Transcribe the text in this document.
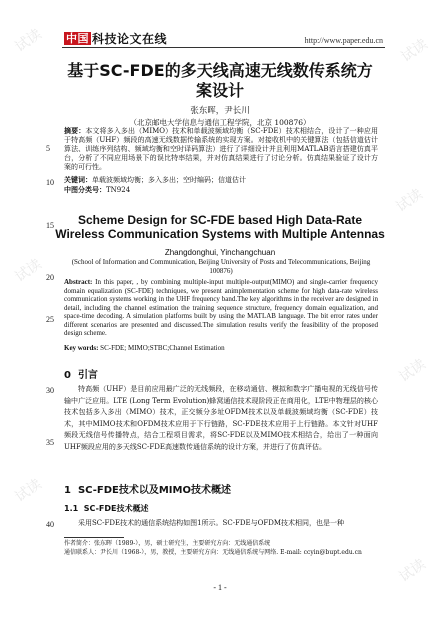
试读	试读
试读
试读
试读
试读
试读
中国 科技论文在线	http://www.paper.edu.cn
基于SC-FDE的多天线高速无线数传系统方案设计
张东晖，尹长川
（北京邮电大学信息与通信工程学院，北京 100876）
摘要：本文将多入多出（MIMO）技术和单载波频域均衡（SC-FDE）技术相结合，设计了一种应用于特高频（UHF）频段的高速无线数据传输系统的实现方案。对接收机中的关键算法（包括信道估计算法、训练序列结构、频域均衡和空时译码算法）进行了详细设计并且利用MATLAB语言搭建仿真平台，分析了不同应用场景下的误比特率结果，并对仿真结果进行了讨论分析。仿真结果验证了设计方案的可行性。
关键词：单载波频域均衡；多入多出；空时编码；信道估计
中图分类号：TN924
5
10
15
20
25
30
35
40
Scheme Design for SC-FDE based High Data-Rate Wireless Communication Systems with Multiple Antennas
Zhangdonghui, Yinchangchuan
(School of Information and Communication, Beijing University of Posts and Telecommunications, Beijing 100876)
Abstract: In this paper, , by combining multiple-input multiple-output(MIMO) and single-carrier frequency domain equalization (SC-FDE) techniques, we present animplementation scheme for high data-rate wireless communication systems working in the UHF frequency band.The key algorithms in the receiver are designed in detail, including the channel estimation the training sequence structure, frequency domain equalization, and space-time decoding. A simulation platforms built by using the MATLAB language. The bit error rates under different scenarios are presented and discussed.The simulation results verify the feasibility of the proposed design scheme.
Key words: SC-FDE; MIMO;STBC;Channel Estimation
0 引言
特高频（UHF）是目前应用最广泛的无线频段，在移动通信、模拟和数字广播电视的无线信号传输中广泛应用。LTE (Long Term Evolution)蜂窝通信技术现阶段正在商用化，LTE中物理层的核心技术包括多入多出（MIMO）技术，正交频分多址OFDM技术以及单载波频域均衡（SC-FDE）技术，其中MIMO技术和OFDM技术应用于下行链路，SC-FDE技术应用于上行链路。本文针对UHF频段无线信号传播特点，结合工程项目需求，将SC-FDE以及MIMO技术相结合，给出了一种面向UHF频段应用的多天线SC-FDE高速数传通信系统的设计方案，并进行了仿真评估。
1 SC-FDE技术以及MIMO技术概述
1.1 SC-FDE技术概述
采用SC-FDE技术的通信系统结构如图1所示。SC-FDE与OFDM技术相同，也是一种
作者简介：张东晖（1989-），男，硕士研究生，主要研究方向：无线通信系统
通信联系人：尹长川（1968-），男，教授，主要研究方向：无线通信系统与网络. E-mail: ccyin@bupt.edu.cn
- 1 -
